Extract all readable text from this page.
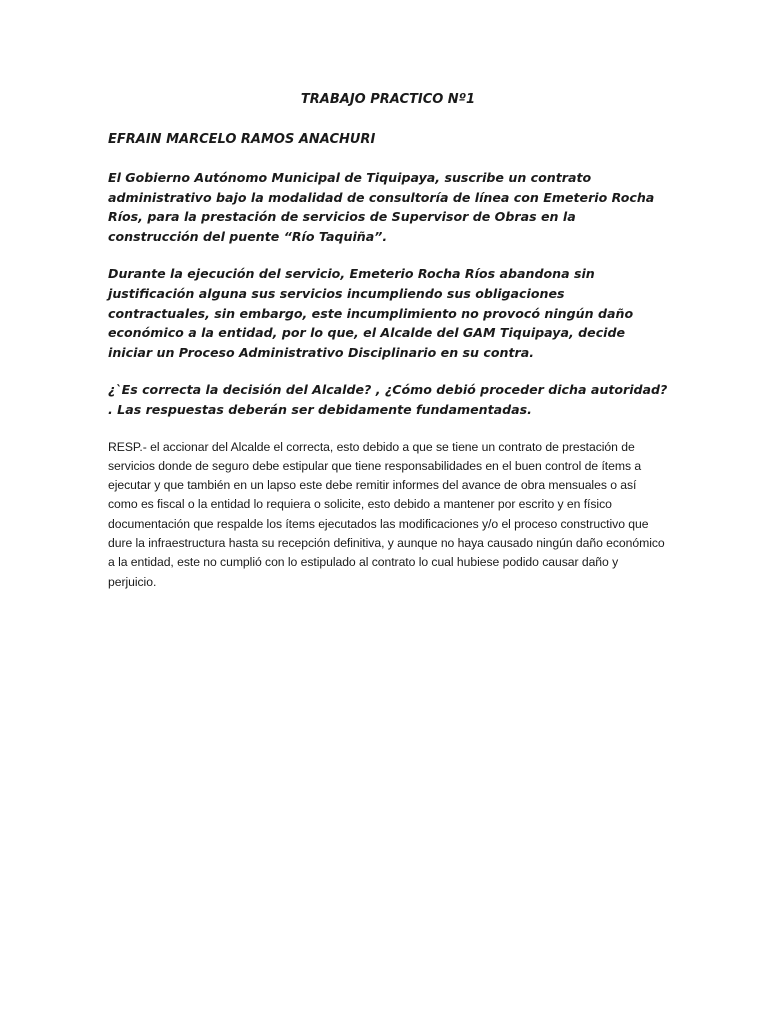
TRABAJO PRACTICO Nº1

EFRAIN MARCELO RAMOS ANACHURI

El Gobierno Autónomo Municipal de Tiquipaya, suscribe un contrato administrativo bajo la modalidad de consultoría de línea con Emeterio Rocha Ríos, para la prestación de servicios de Supervisor de Obras en la construcción del puente “Río Taquiña”.

Durante la ejecución del servicio, Emeterio Rocha Ríos abandona sin justificación alguna sus servicios incumpliendo sus obligaciones contractuales, sin embargo, este incumplimiento no provocó ningún daño económico a la entidad, por lo que, el Alcalde del GAM Tiquipaya, decide iniciar un Proceso Administrativo Disciplinario en su contra.

¿`Es correcta la decisión del Alcalde? , ¿Cómo debió proceder dicha autoridad? . Las respuestas deberán ser debidamente fundamentadas.

RESP.- el accionar del Alcalde el correcta, esto debido a que se tiene un contrato de prestación de servicios donde de seguro debe estipular que tiene responsabilidades en el buen control de ítems a ejecutar y que también en un lapso este debe remitir informes del avance de obra mensuales o así como es fiscal o la entidad lo requiera o solicite, esto debido a mantener por escrito y en físico documentación que respalde los ítems ejecutados las modificaciones y/o el proceso constructivo que dure la infraestructura hasta su recepción definitiva, y aunque no haya causado ningún daño económico a la entidad, este no cumplió con lo estipulado al contrato lo cual hubiese podido causar daño y perjuicio.
